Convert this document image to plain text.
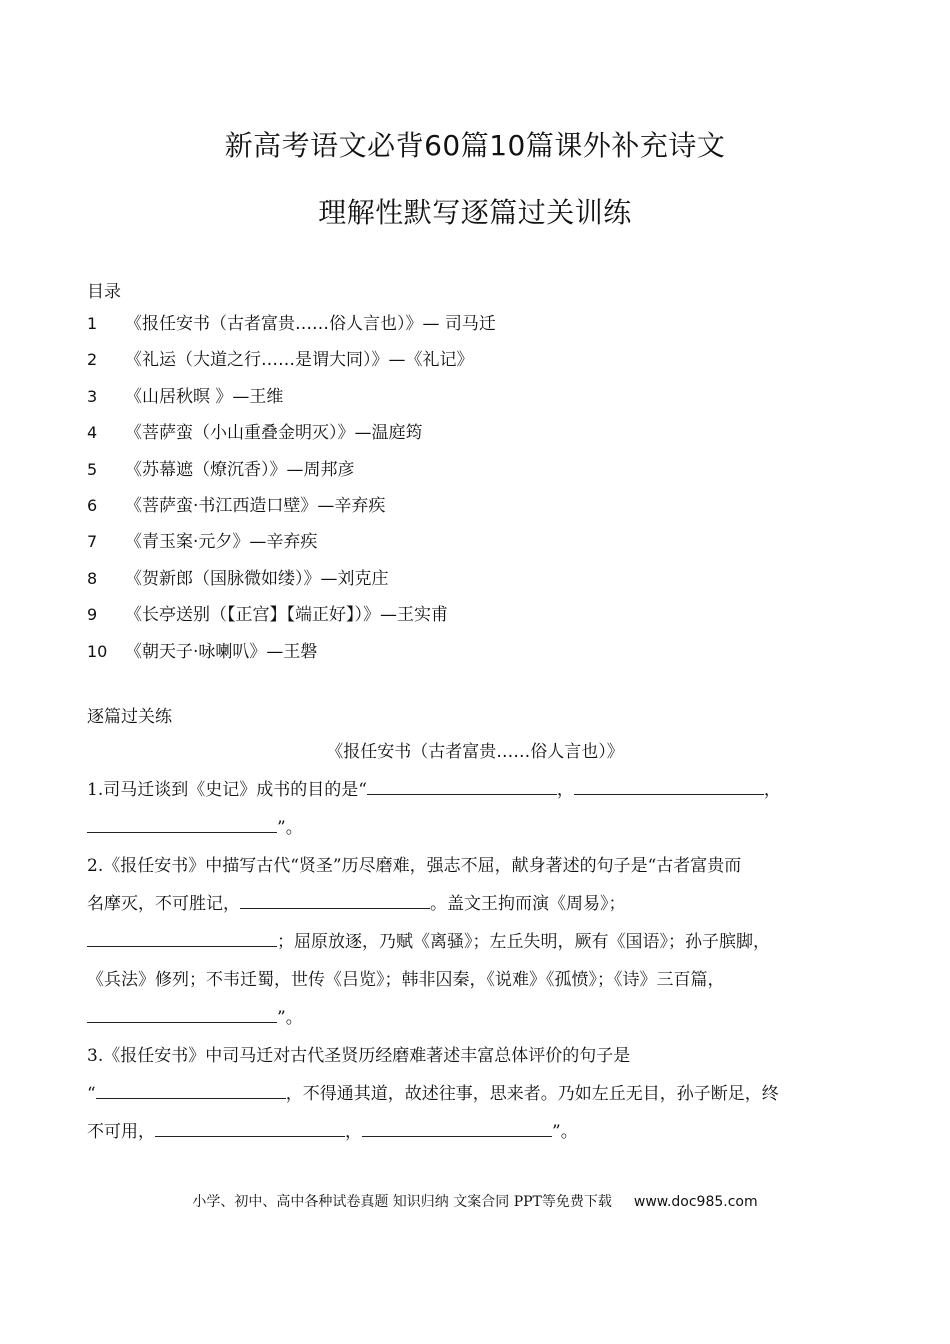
新高考语文必背60篇10篇课外补充诗文
理解性默写逐篇过关训练
目录
1 《报任安书（古者富贵……俗人言也）》— 司马迁
2 《礼运（大道之行……是谓大同）》—《礼记》
3 《山居秋暝 》—王维
4 《菩萨蛮（小山重叠金明灭）》—温庭筠
5 《苏幕遮（燎沉香）》—周邦彦
6 《菩萨蛮·书江西造口壁》—辛弃疾
7 《青玉案·元夕》—辛弃疾
8 《贺新郎（国脉微如缕）》—刘克庄
9 《长亭送别（【正宫】【端正好】）》—王实甫
10 《朝天子·咏喇叭》—王磐
逐篇过关练
《报任安书（古者富贵……俗人言也）》
1.司马迁谈到《史记》成书的目的是“	，	，
”。
2.《报任安书》中描写古代“贤圣”历尽磨难，强志不屈，献身著述的句子是“古者富贵而
名摩灭，不可胜记，	。盖文王拘而演《周易》；
；屈原放逐，乃赋《离骚》；左丘失明，厥有《国语》；孙子膑脚，
《兵法》修列；不韦迁蜀，世传《吕览》；韩非囚秦，《说难》《孤愤》；《诗》三百篇，
”。
3.《报任安书》中司马迁对古代圣贤历经磨难著述丰富总体评价的句子是
“	，不得通其道，故述往事，思来者。乃如左丘无目，孙子断足，终
不可用，	，	”。
小学、初中、高中各种试卷真题 知识归纳 文案合同 PPT等免费下载 www.doc985.com
